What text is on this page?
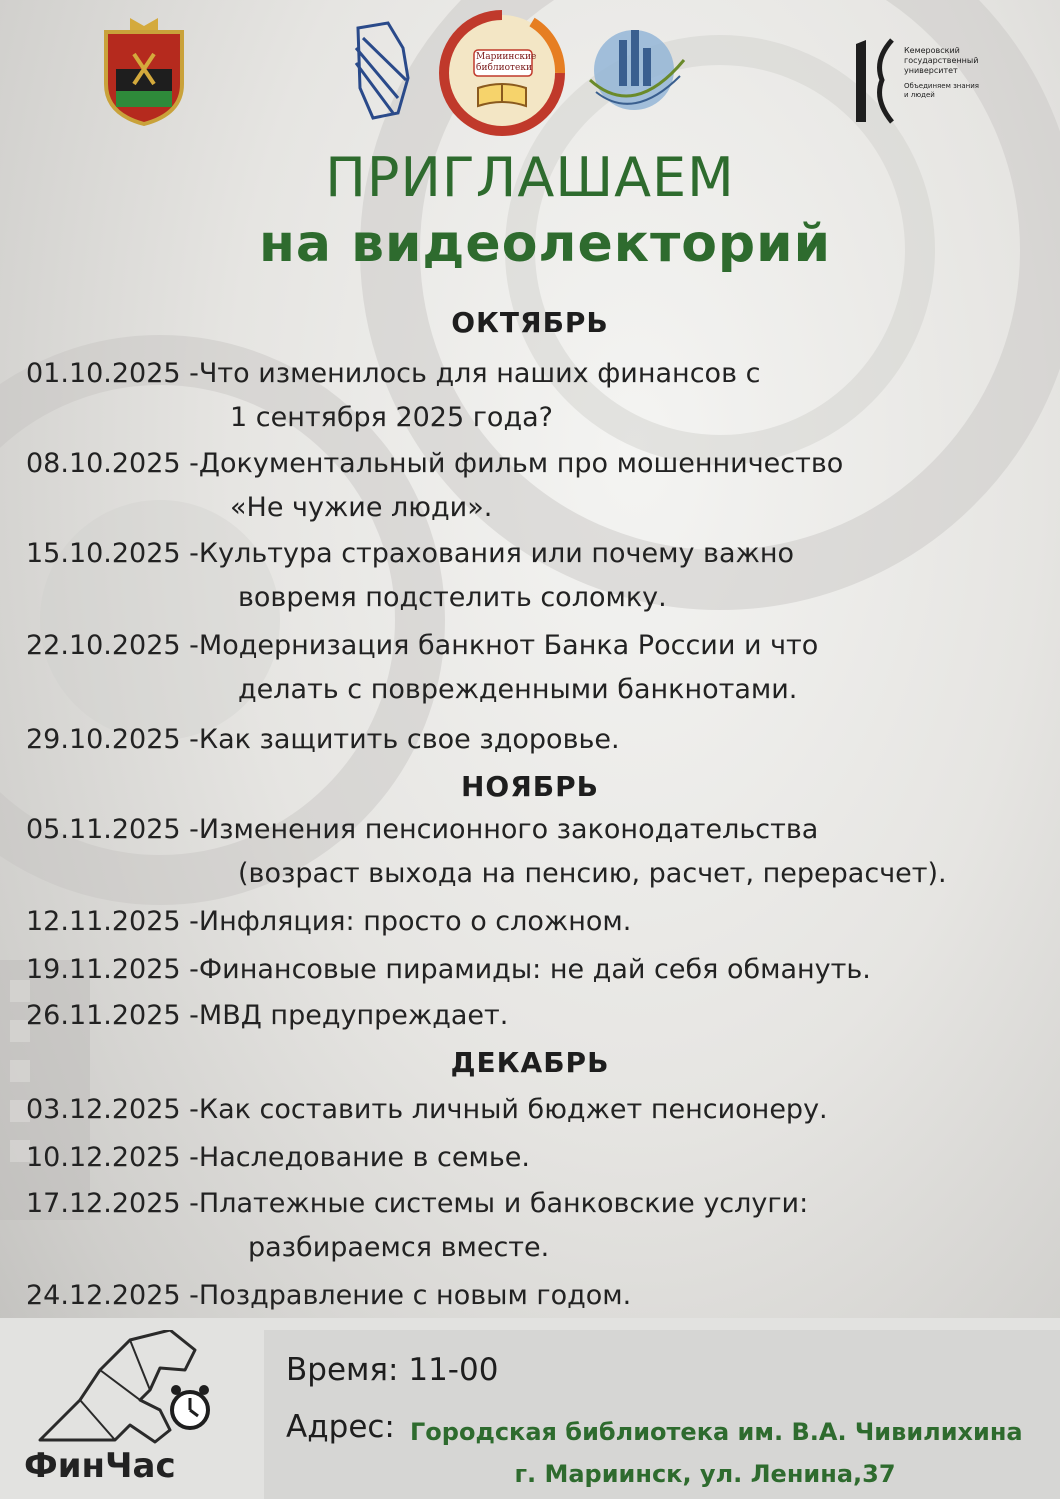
Мариинские библиотеки
Кемеровский государственный университет
Объединяем знания и людей
ПРИГЛАШАЕМ
на видеолекторий
ОКТЯБРЬ
01.10.2025 -Что изменилось для наших финансов с
1 сентября 2025 года?
08.10.2025 -Документальный фильм про мошенничество
«Не чужие люди».
15.10.2025 -Культура страхования или почему важно
вовремя подстелить соломку.
22.10.2025 -Модернизация банкнот Банка России и что
делать с поврежденными банкнотами.
29.10.2025 -Как защитить свое здоровье.
НОЯБРЬ
05.11.2025 -Изменения пенсионного законодательства
(возраст выхода на пенсию, расчет, перерасчет).
12.11.2025 -Инфляция: просто о сложном.
19.11.2025 -Финансовые пирамиды: не дай себя обмануть.
26.11.2025 -МВД предупреждает.
ДЕКАБРЬ
03.12.2025 -Как составить личный бюджет пенсионеру.
10.12.2025 -Наследование в семье.
17.12.2025 -Платежные системы и банковские услуги:
разбираемся вместе.
24.12.2025 -Поздравление с новым годом.
ФинЧас
Время: 11-00
Адрес: Городская библиотека им. В.А. Чивилихина
г. Мариинск, ул. Ленина,37
